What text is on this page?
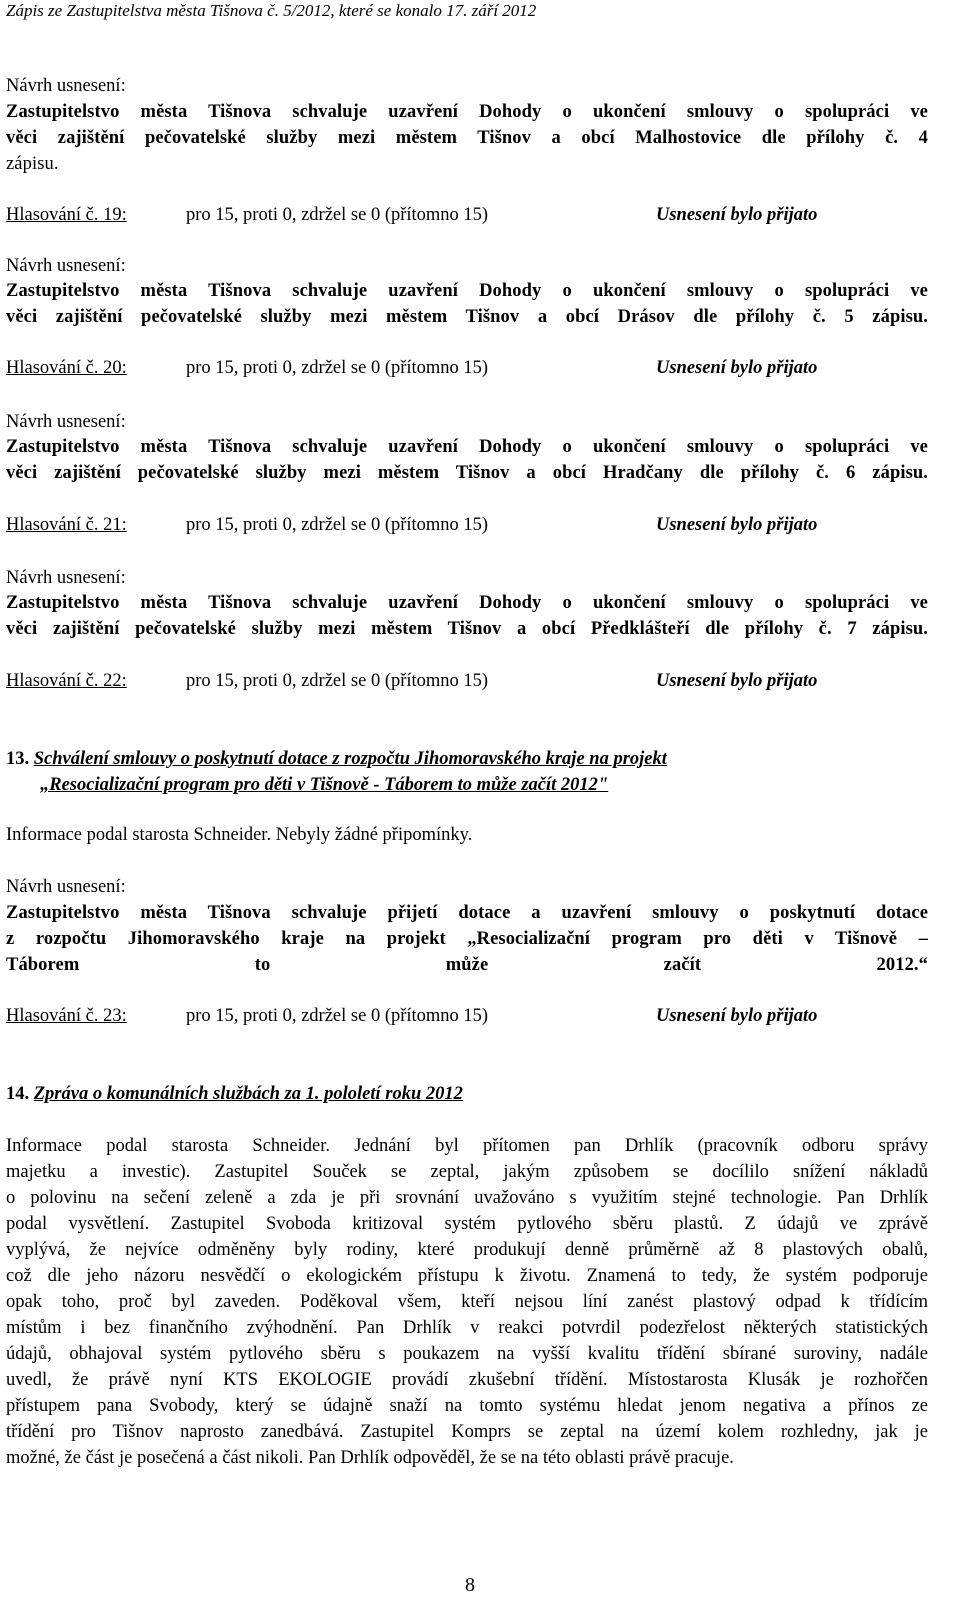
Zápis ze Zastupitelstva města Tišnova č. 5/2012, které se konalo 17. září 2012
Návrh usnesení:
Zastupitelstvo města Tišnova schvaluje uzavření Dohody o ukončení smlouvy o spolupráci ve
věci zajištění pečovatelské služby mezi městem Tišnov a obcí Malhostovice dle přílohy č. 4
zápisu.
Hlasování č. 19:	pro 15, proti 0, zdržel se 0 (přítomno 15)	Usnesení bylo přijato
Návrh usnesení:
Zastupitelstvo města Tišnova schvaluje uzavření Dohody o ukončení smlouvy o spolupráci ve
věci zajištění pečovatelské služby mezi městem Tišnov a obcí Drásov dle přílohy č. 5 zápisu.
Hlasování č. 20:	pro 15, proti 0, zdržel se 0 (přítomno 15)	Usnesení bylo přijato
Návrh usnesení:
Zastupitelstvo města Tišnova schvaluje uzavření Dohody o ukončení smlouvy o spolupráci ve
věci zajištění pečovatelské služby mezi městem Tišnov a obcí Hradčany dle přílohy č. 6 zápisu.
Hlasování č. 21:	pro 15, proti 0, zdržel se 0 (přítomno 15)	Usnesení bylo přijato
Návrh usnesení:
Zastupitelstvo města Tišnova schvaluje uzavření Dohody o ukončení smlouvy o spolupráci ve
věci zajištění pečovatelské služby mezi městem Tišnov a obcí Předklášteří dle přílohy č. 7 zápisu.
Hlasování č. 22:	pro 15, proti 0, zdržel se 0 (přítomno 15)	Usnesení bylo přijato
13. Schválení smlouvy o poskytnutí dotace z rozpočtu Jihomoravského kraje na projekt
„Resocializační program pro děti v Tišnově - Táborem to může začít 2012"
Informace podal starosta Schneider. Nebyly žádné připomínky.
Návrh usnesení:
Zastupitelstvo města Tišnova schvaluje přijetí dotace a uzavření smlouvy o poskytnutí dotace
z rozpočtu Jihomoravského kraje na projekt „Resocializační program pro děti v Tišnově –
Táborem to může začít 2012.“
Hlasování č. 23:	pro 15, proti 0, zdržel se 0 (přítomno 15)	Usnesení bylo přijato
14. Zpráva o komunálních službách za 1. pololetí roku 2012
Informace podal starosta Schneider. Jednání byl přítomen pan Drhlík (pracovník odboru správy
majetku a investic). Zastupitel Souček se zeptal, jakým způsobem se docílilo snížení nákladů
o polovinu na sečení zeleně a zda je při srovnání uvažováno s využitím stejné technologie. Pan Drhlík
podal vysvětlení. Zastupitel Svoboda kritizoval systém pytlového sběru plastů. Z údajů ve zprávě
vyplývá, že nejvíce odměněny byly rodiny, které produkují denně průměrně až 8 plastových obalů,
což dle jeho názoru nesvědčí o ekologickém přístupu k životu. Znamená to tedy, že systém podporuje
opak toho, proč byl zaveden. Poděkoval všem, kteří nejsou líní zanést plastový odpad k třídícím
místům i bez finančního zvýhodnění. Pan Drhlík v reakci potvrdil podezřelost některých statistických
údajů, obhajoval systém pytlového sběru s poukazem na vyšší kvalitu třídění sbírané suroviny, nadále
uvedl, že právě nyní KTS EKOLOGIE provádí zkušební třídění. Místostarosta Klusák je rozhořčen
přístupem pana Svobody, který se údajně snaží na tomto systému hledat jenom negativa a přínos ze
třídění pro Tišnov naprosto zanedbává. Zastupitel Komprs se zeptal na území kolem rozhledny, jak je
možné, že část je posečená a část nikoli. Pan Drhlík odpověděl, že se na této oblasti právě pracuje.
8
